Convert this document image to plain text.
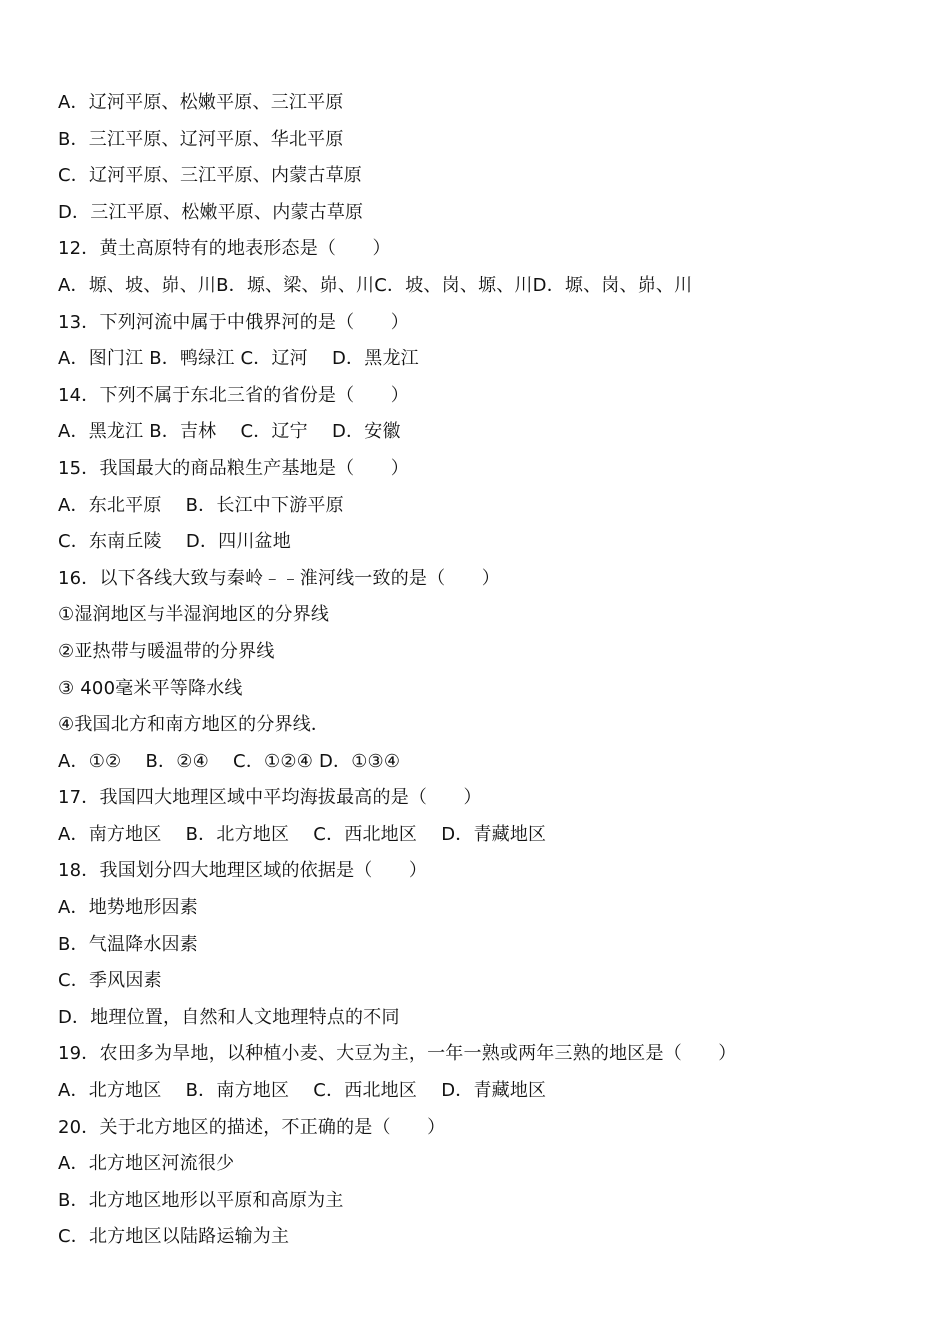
A．辽河平原、松嫩平原、三江平原
B．三江平原、辽河平原、华北平原
C．辽河平原、三江平原、内蒙古草原
D．三江平原、松嫩平原、内蒙古草原
12．黄土高原特有的地表形态是（　　）
A．塬、坡、峁、川B．塬、梁、峁、川C．坡、岗、塬、川D．塬、岗、峁、川
13．下列河流中属于中俄界河的是（　　）
A．图门江 B．鸭绿江 C．辽河　 D．黑龙江
14．下列不属于东北三省的省份是（　　）
A．黑龙江 B．吉林　 C．辽宁　 D．安徽
15．我国最大的商品粮生产基地是（　　）
A．东北平原　 B．长江中下游平原
C．东南丘陵　 D．四川盆地
16．以下各线大致与秦岭﹣﹣淮河线一致的是（　　）
①湿润地区与半湿润地区的分界线
②亚热带与暖温带的分界线
③ 400毫米平等降水线
④我国北方和南方地区的分界线．
A．①②　 B．②④　 C．①②④ D．①③④
17．我国四大地理区域中平均海拔最高的是（　　）
A．南方地区　 B．北方地区　 C．西北地区　 D．青藏地区
18．我国划分四大地理区域的依据是（　　）
A．地势地形因素
B．气温降水因素
C．季风因素
D．地理位置，自然和人文地理特点的不同
19．农田多为旱地，以种植小麦、大豆为主，一年一熟或两年三熟的地区是（　　）
A．北方地区　 B．南方地区　 C．西北地区　 D．青藏地区
20．关于北方地区的描述，不正确的是（　　）
A．北方地区河流很少
B．北方地区地形以平原和高原为主
C．北方地区以陆路运输为主
